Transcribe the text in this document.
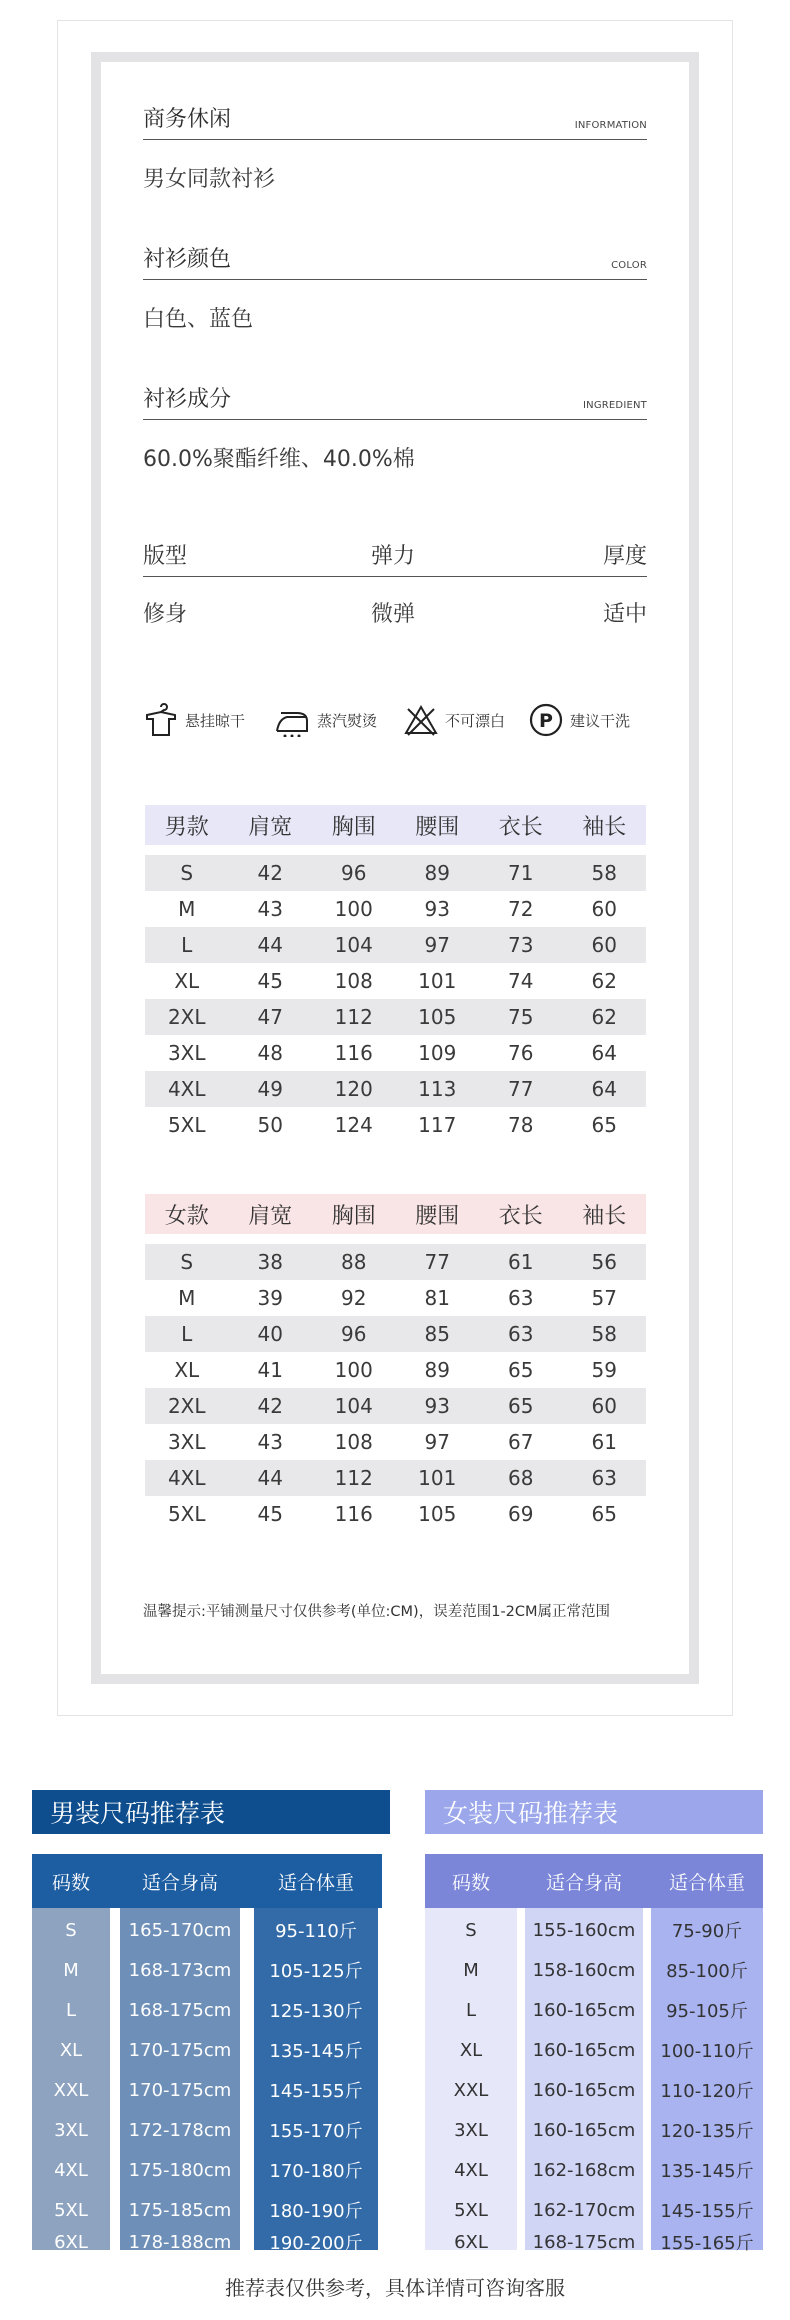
商务休闲	INFORMATION
男女同款衬衫
衬衫颜色	COLOR
白色、蓝色
衬衫成分	INGREDIENT
60.0%聚酯纤维、40.0%棉
版型	弹力	厚度
修身	微弹	适中
悬挂晾干	蒸汽熨烫	不可漂白 P 建议干洗
男款	肩宽	胸围	腰围	衣长	袖长
S	42	96	89	71	58
M	43	100	93	72	60
L	44	104	97	73	60
XL	45	108	101	74	62
2XL	47	112	105	75	62
3XL	48	116	109	76	64
4XL	49	120	113	77	64
5XL	50	124	117	78	65
女款	肩宽	胸围	腰围	衣长	袖长
S	38	88	77	61	56
M	39	92	81	63	57
L	40	96	85	63	58
XL	41	100	89	65	59
2XL	42	104	93	65	60
3XL	43	108	97	67	61
4XL	44	112	101	68	63
5XL	45	116	105	69	65
温馨提示:平铺测量尺寸仅供参考(单位:CM)，误差范围1-2CM属正常范围
男装尺码推荐表
码数	适合身高	适合体重
S	165-170cm	95-110斤
M	168-173cm	105-125斤
L	168-175cm	125-130斤
XL	170-175cm	135-145斤
XXL	170-175cm	145-155斤
3XL	172-178cm	155-170斤
4XL	175-180cm	170-180斤
5XL	175-185cm	180-190斤
6XL	178-188cm	190-200斤
女装尺码推荐表
码数	适合身高	适合体重
S	155-160cm	75-90斤
M	158-160cm	85-100斤
L	160-165cm	95-105斤
XL	160-165cm	100-110斤
XXL	160-165cm	110-120斤
3XL	160-165cm	120-135斤
4XL	162-168cm	135-145斤
5XL	162-170cm	145-155斤
6XL	168-175cm	155-165斤
推荐表仅供参考，具体详情可咨询客服
